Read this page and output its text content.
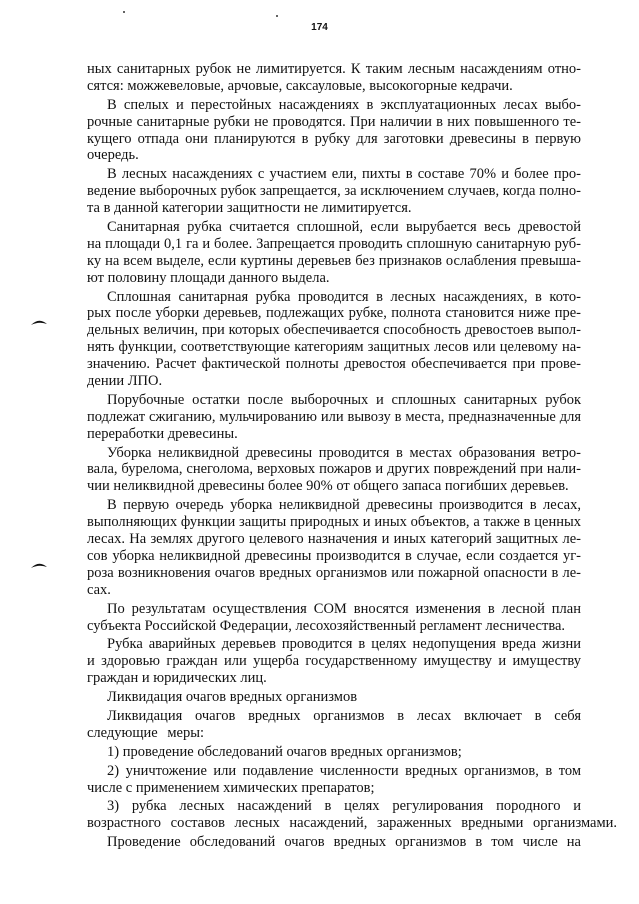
174

ных санитарных рубок не лимитируется. К таким лесным насаждениям отно-
сятся: можжевеловые, арчовые, саксауловые, высокогорные кедрачи.

В спелых и перестойных насаждениях в эксплуатационных лесах выбо-
рочные санитарные рубки не проводятся. При наличии в них повышенного те-
кущего отпада они планируются в рубку для заготовки древесины в первую
очередь.

В лесных насаждениях с участием ели, пихты в составе 70% и более про-
ведение выборочных рубок запрещается, за исключением случаев, когда полно-
та в данной категории защитности не лимитируется.

Санитарная рубка считается сплошной, если вырубается весь древостой
на площади 0,1 га и более. Запрещается проводить сплошную санитарную руб-
ку на всем выделе, если куртины деревьев без признаков ослабления превыша-
ют половину площади данного выдела.

Сплошная санитарная рубка проводится в лесных насаждениях, в кото-
рых после уборки деревьев, подлежащих рубке, полнота становится ниже пре-
дельных величин, при которых обеспечивается способность древостоев выпол-
нять функции, соответствующие категориям защитных лесов или целевому на-
значению. Расчет фактической полноты древостоя обеспечивается при прове-
дении ЛПО.

Порубочные остатки после выборочных и сплошных санитарных рубок
подлежат сжиганию, мульчированию или вывозу в места, предназначенные для
переработки древесины.

Уборка неликвидной древесины проводится в местах образования ветро-
вала, бурелома, снеголома, верховых пожаров и других повреждений при нали-
чии неликвидной древесины более 90% от общего запаса погибших деревьев.

В первую очередь уборка неликвидной древесины производится в лесах,
выполняющих функции защиты природных и иных объектов, а также в ценных
лесах. На землях другого целевого назначения и иных категорий защитных ле-
сов уборка неликвидной древесины производится в случае, если создается уг-
роза возникновения очагов вредных организмов или пожарной опасности в ле-
сах.

По результатам осуществления СОМ вносятся изменения в лесной план
субъекта Российской Федерации, лесохозяйственный регламент лесничества.

Рубка аварийных деревьев проводится в целях недопущения вреда жизни
и здоровью граждан или ущерба государственному имуществу и имуществу
граждан и юридических лиц.

Ликвидация очагов вредных организмов

Ликвидация очагов вредных организмов в лесах включает в себя
следующие меры:

1) проведение обследований очагов вредных организмов;

2) уничтожение или подавление численности вредных организмов, в том
числе с применением химических препаратов;

3) рубка лесных насаждений в целях регулирования породного и
возрастного составов лесных насаждений, зараженных вредными организмами.

Проведение обследований очагов вредных организмов в том числе на
